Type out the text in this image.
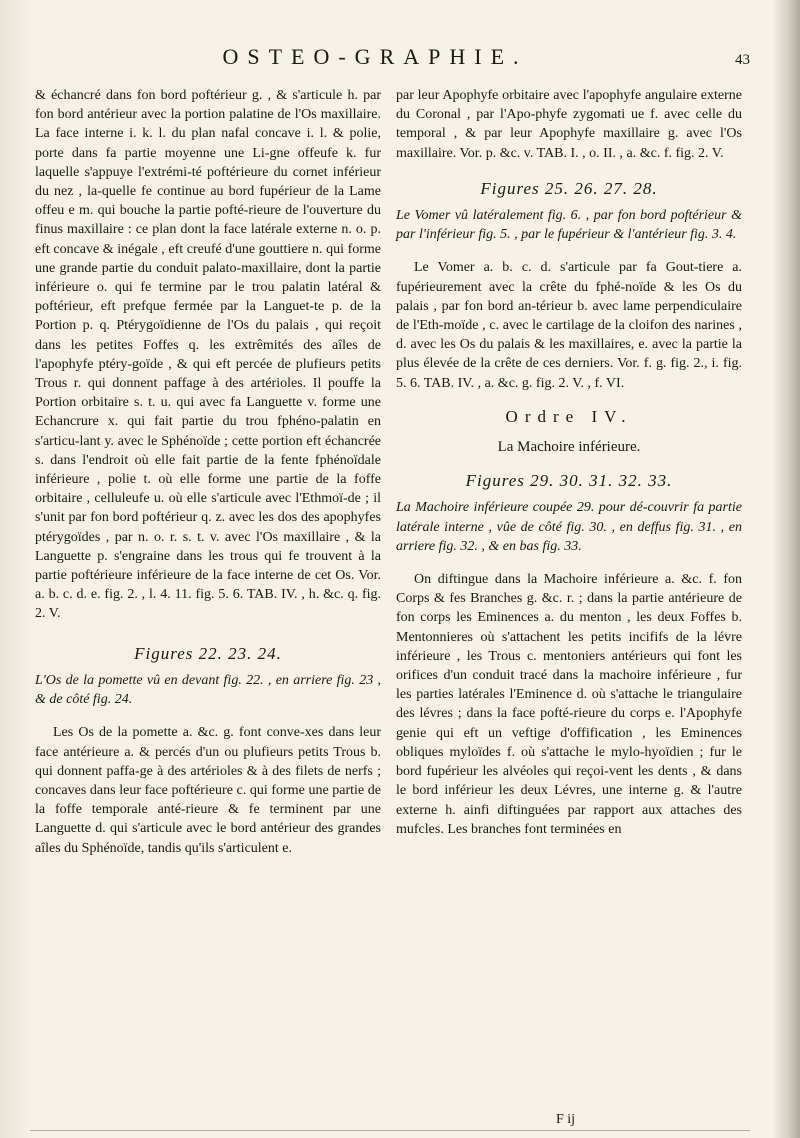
OSTEO-GRAPHIE.	43

& échancré dans fon bord poftérieur g. , & s'articule h. par fon bord antérieur avec la portion palatine de l'Os maxillaire. La face interne i. k. l. du plan nafal concave i. l. & polie, porte dans fa partie moyenne une Li-gne offeufe k. fur laquelle s'appuye l'extrémi-té poftérieure du cornet inférieur du nez , la-quelle fe continue au bord fupérieur de la Lame offeu e m. qui bouche la partie pofté-rieure de l'ouverture du finus maxillaire : ce plan dont la face latérale externe n. o. p. eft concave & inégale , eft creufé d'une gouttiere n. qui forme une grande partie du conduit palato-maxillaire, dont la partie inférieure o. qui fe termine par le trou palatin latéral & poftérieur, eft prefque fermée par la Languet-te p. de la Portion p. q. Ptérygoïdienne de l'Os du palais , qui reçoit dans les petites Foffes q. les extrêmités des aîles de l'apophyfe ptéry-goïde , & qui eft percée de plufieurs petits Trous r. qui donnent paffage à des artérioles. Il pouffe la Portion orbitaire s. t. u. qui avec fa Languette v. forme une Echancrure x. qui fait partie du trou fphéno-palatin en s'articu-lant y. avec le Sphénoïde ; cette portion eft échancrée s. dans l'endroit où elle fait partie de la fente fphénoïdale inférieure , polie t. où elle forme une partie de la foffe orbitaire , celluleufe u. où elle s'articule avec l'Ethmoï-de ; il s'unit par fon bord poftérieur q. z. avec les dos des apophyfes ptérygoïdes , par n. o. r. s. t. v. avec l'Os maxillaire , & la Languette p. s'engraine dans les trous qui fe trouvent à la partie poftérieure inférieure de la face interne de cet Os. Vor. a. b. c. d. e. fig. 2. , l. 4. 11. fig. 5. 6. TAB. IV. , h. &c. q. fig. 2. V.

Figures 22. 23. 24.

L'Os de la pomette vû en devant fig. 22. , en arriere fig. 23 , & de côté fig. 24.

Les Os de la pomette a. &c. g. font conve-xes dans leur face antérieure a. & percés d'un ou plufieurs petits Trous b. qui donnent paffa-ge à des artérioles & à des filets de nerfs ; concaves dans leur face poftérieure c. qui forme une partie de la foffe temporale anté-rieure & fe terminent par une Languette d. qui s'articule avec le bord antérieur des grandes aîles du Sphénoïde, tandis qu'ils s'articulent e.

par leur Apophyfe orbitaire avec l'apophyfe angulaire externe du Coronal , par l'Apo-phyfe zygomati ue f. avec celle du temporal , & par leur Apophyfe maxillaire g. avec l'Os maxillaire. Vor. p. &c. v. TAB. I. , o. II. , a. &c. f. fig. 2. V.

Figures 25. 26. 27. 28.

Le Vomer vû latéralement fig. 6. , par fon bord poftérieur & par l'inférieur fig. 5. , par le fupérieur & l'antérieur fig. 3. 4.

Le Vomer a. b. c. d. s'articule par fa Gout-tiere a. fupérieurement avec la crête du fphé-noïde & les Os du palais , par fon bord an-térieur b. avec lame perpendiculaire de l'Eth-moïde , c. avec le cartilage de la cloifon des narines , d. avec les Os du palais & les maxillaires, e. avec la partie la plus élevée de la crête de ces derniers. Vor. f. g. fig. 2., i. fig. 5. 6. TAB. IV. , a. &c. g. fig. 2. V. , f. VI.

Ordre IV.
La Machoire inférieure.
Figures 29. 30. 31. 32. 33.

La Machoire inférieure coupée 29. pour dé-couvrir fa partie latérale interne , vûe de côté fig. 30. , en deffus fig. 31. , en arriere fig. 32. , & en bas fig. 33.

On diftingue dans la Machoire inférieure a. &c. f. fon Corps & fes Branches g. &c. r. ; dans la partie antérieure de fon corps les Eminences a. du menton , les deux Foffes b. Mentonnieres où s'attachent les petits incififs de la lévre inférieure , les Trous c. mentoniers antérieurs qui font les orifices d'un conduit tracé dans la machoire inférieure , fur les parties latérales l'Eminence d. où s'attache le triangulaire des lévres ; dans la face pofté-rieure du corps e. l'Apophyfe genie qui eft un veftige d'offification , les Eminences obliques myloïdes f. où s'attache le mylo-hyoïdien ; fur le bord fupérieur les alvéoles qui reçoi-vent les dents , & dans le bord inférieur les deux Lévres, une interne g. & l'autre externe h. ainfi diftinguées par rapport aux attaches des mufcles. Les branches font terminées en

F ij
